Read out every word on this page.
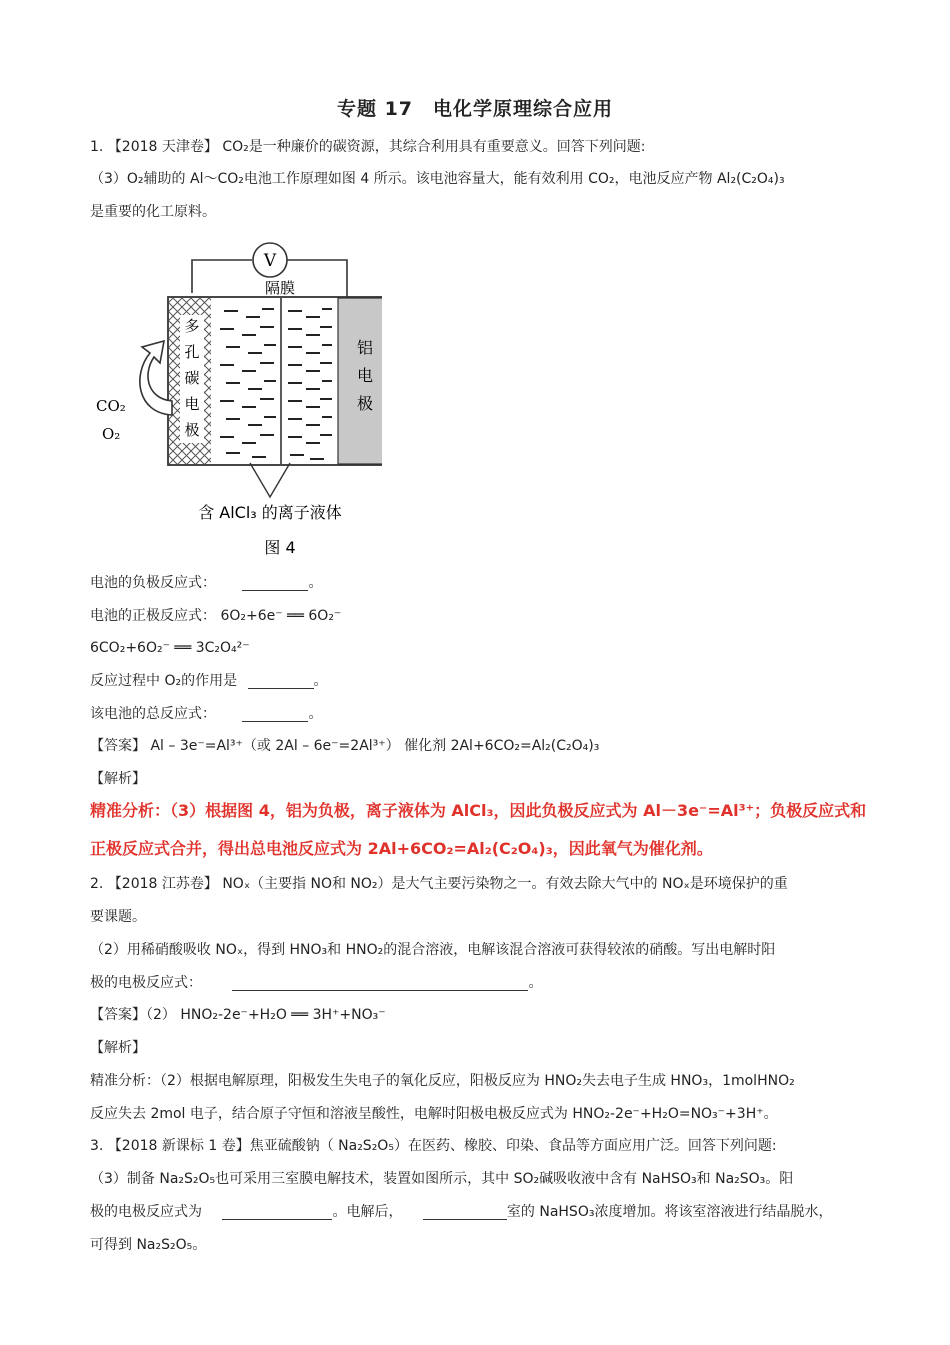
专题 17　电化学原理综合应用
1. 【2018 天津卷】 CO₂是一种廉价的碳资源，其综合利用具有重要意义。回答下列问题:
（3）O₂辅助的 Al～CO₂电池工作原理如图 4 所示。该电池容量大，能有效利用 CO₂，电池反应产物 Al₂(C₂O₄)₃
是重要的化工原料。
V
隔膜
多
孔
碳
电
极
铝
电
极
CO₂
O₂
含 AlCl₃ 的离子液体
图 4
电池的负极反应式：	。
电池的正极反应式： 6O₂+6e⁻ ══ 6O₂⁻
6CO₂+6O₂⁻ ══ 3C₂O₄²⁻
反应过程中 O₂的作用是	。
该电池的总反应式：	。
【答案】 Al – 3e⁻=Al³⁺（或 2Al – 6e⁻=2Al³⁺） 催化剂 2Al+6CO₂=Al₂(C₂O₄)₃
【解析】
精准分析：（3）根据图 4，铝为负极，离子液体为 AlCl₃，因此负极反应式为 Al－3e⁻=Al³⁺；负极反应式和
正极反应式合并，得出总电池反应式为 2Al+6CO₂=Al₂(C₂O₄)₃，因此氧气为催化剂。
2. 【2018 江苏卷】 NOₓ（主要指 NO和 NO₂）是大气主要污染物之一。有效去除大气中的 NOₓ是环境保护的重
要课题。
（2）用稀硝酸吸收 NOₓ，得到 HNO₃和 HNO₂的混合溶液，电解该混合溶液可获得较浓的硝酸。写出电解时阳
极的电极反应式：	。
【答案】（2） HNO₂-2e⁻+H₂O ══ 3H⁺+NO₃⁻
【解析】
精准分析：（2）根据电解原理，阳极发生失电子的氧化反应，阳极反应为 HNO₂失去电子生成 HNO₃，1molHNO₂
反应失去 2mol 电子，结合原子守恒和溶液呈酸性，电解时阳极电极反应式为 HNO₂-2e⁻+H₂O=NO₃⁻+3H⁺。
3. 【2018 新课标 1 卷】焦亚硫酸钠（ Na₂S₂O₅）在医药、橡胶、印染、食品等方面应用广泛。回答下列问题:
（3）制备 Na₂S₂O₅也可采用三室膜电解技术，装置如图所示，其中 SO₂碱吸收液中含有 NaHSO₃和 Na₂SO₃。阳
极的电极反应式为	。电解后，	室的 NaHSO₃浓度增加。将该室溶液进行结晶脱水，
可得到 Na₂S₂O₅。
